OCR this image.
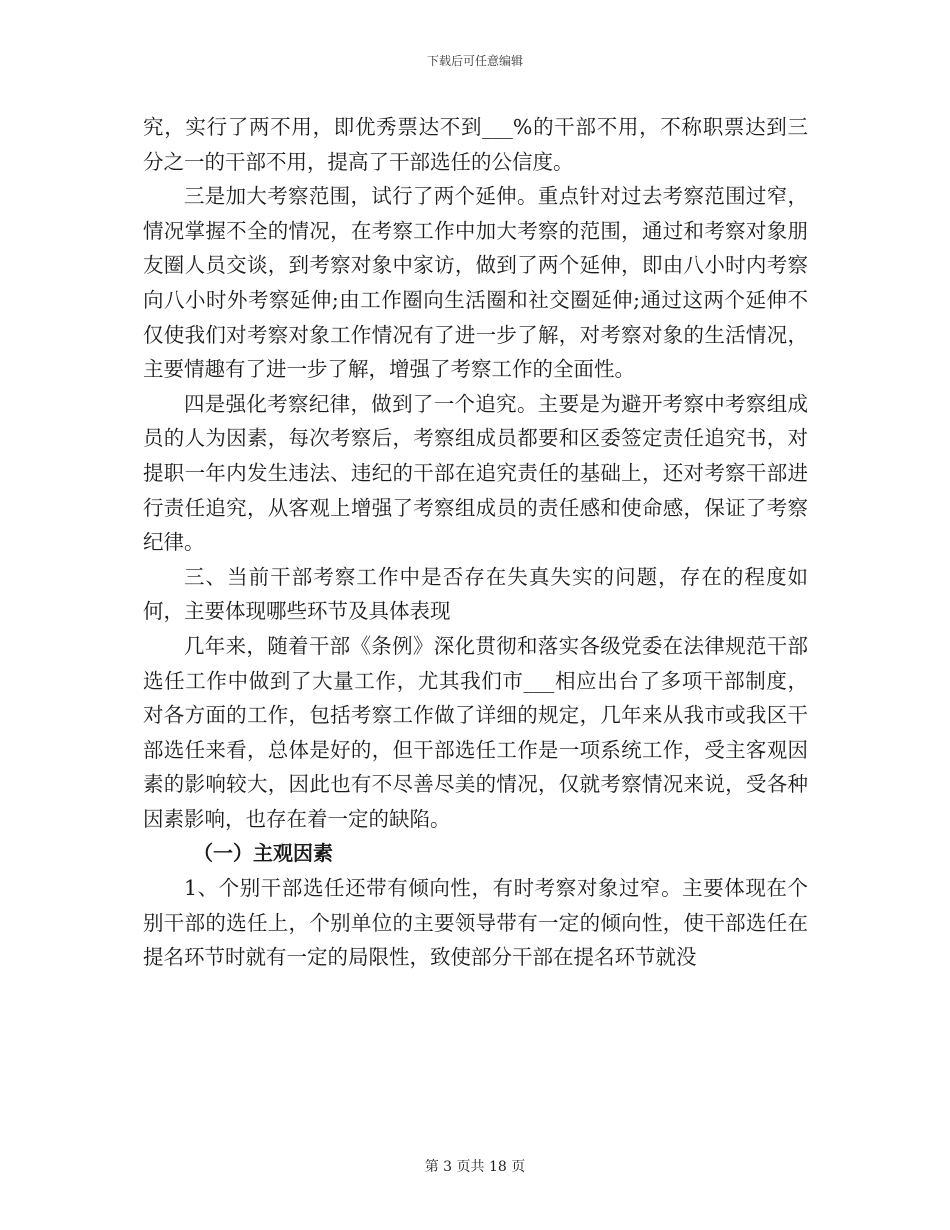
下载后可任意编辑

究，实行了两不用，即优秀票达不到___%的干部不用，不称职票达到三分之一的干部不用，提高了干部选任的公信度。

三是加大考察范围，试行了两个延伸。重点针对过去考察范围过窄，情况掌握不全的情况，在考察工作中加大考察的范围，通过和考察对象朋友圈人员交谈，到考察对象中家访，做到了两个延伸，即由八小时内考察向八小时外考察延伸;由工作圈向生活圈和社交圈延伸;通过这两个延伸不仅使我们对考察对象工作情况有了进一步了解，对考察对象的生活情况，主要情趣有了进一步了解，增强了考察工作的全面性。

四是强化考察纪律，做到了一个追究。主要是为避开考察中考察组成员的人为因素，每次考察后，考察组成员都要和区委签定责任追究书，对提职一年内发生违法、违纪的干部在追究责任的基础上，还对考察干部进行责任追究，从客观上增强了考察组成员的责任感和使命感，保证了考察纪律。

三、当前干部考察工作中是否存在失真失实的问题，存在的程度如何，主要体现哪些环节及具体表现

几年来，随着干部《条例》深化贯彻和落实各级党委在法律规范干部选任工作中做到了大量工作，尤其我们市___相应出台了多项干部制度，对各方面的工作，包括考察工作做了详细的规定，几年来从我市或我区干部选任来看，总体是好的，但干部选任工作是一项系统工作，受主客观因素的影响较大，因此也有不尽善尽美的情况，仅就考察情况来说，受各种因素影响，也存在着一定的缺陷。

（一）主观因素

1、个别干部选任还带有倾向性，有时考察对象过窄。主要体现在个别干部的选任上，个别单位的主要领导带有一定的倾向性，使干部选任在提名环节时就有一定的局限性，致使部分干部在提名环节就没

第 3 页共 18 页
